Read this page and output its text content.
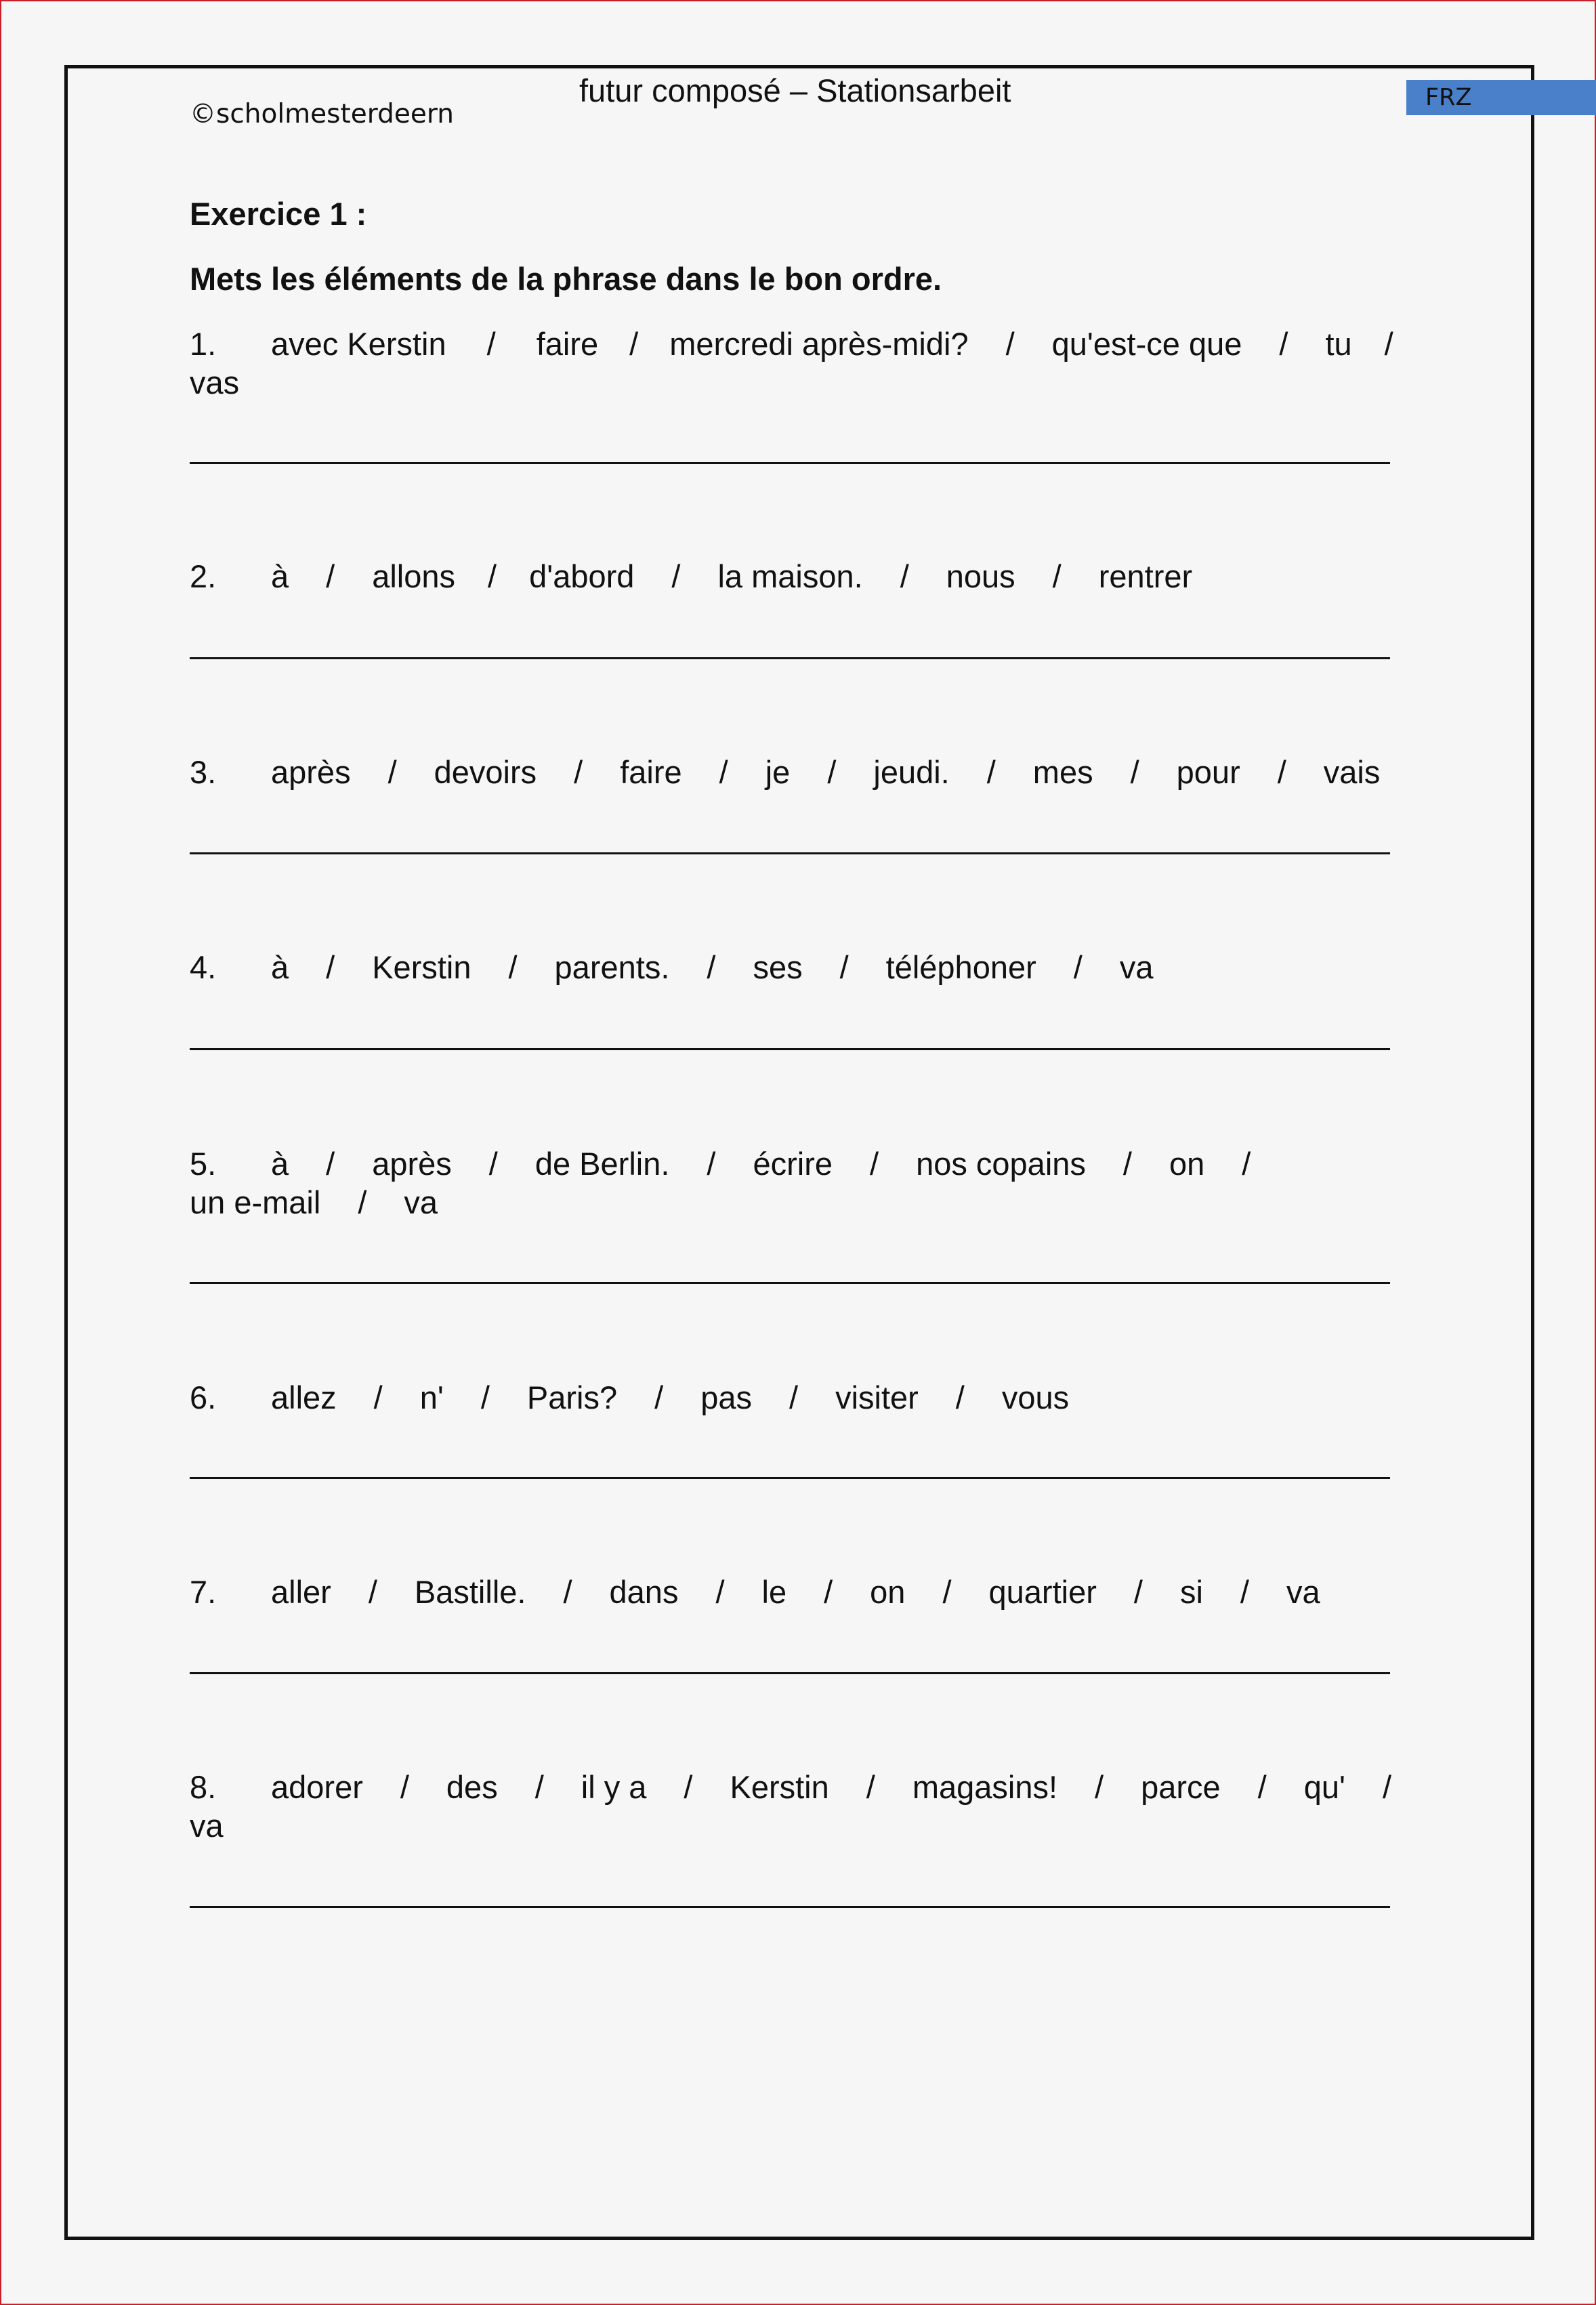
futur composé – Stationsarbeit
©scholmesterdeern
FRZ
Exercice 1 :
Mets les éléments de la phrase dans le bon ordre.
1.	avec Kerstin	/	faire / mercredi après-midi?	/	qu'est-ce que	/	tu	/
vas
2.	à	/	allons	/	d'abord	/	la maison.	/	nous	/	rentrer
3.	après	/	devoirs	/	faire	/	je	/	jeudi.	/	mes	/	pour	/	vais
4.	à	/	Kerstin	/	parents.	/	ses	/	téléphoner	/	va
5.	à	/	après	/	de Berlin.	/	écrire	/	nos copains	/	on	/
un e-mail	/	va
6.	allez	/	n'	/	Paris?	/	pas	/	visiter	/	vous
7.	aller	/	Bastille.	/	dans	/	le	/	on	/	quartier	/	si	/	va
8.	adorer	/	des	/	il y a	/	Kerstin	/	magasins!	/	parce	/	qu'	/
va
